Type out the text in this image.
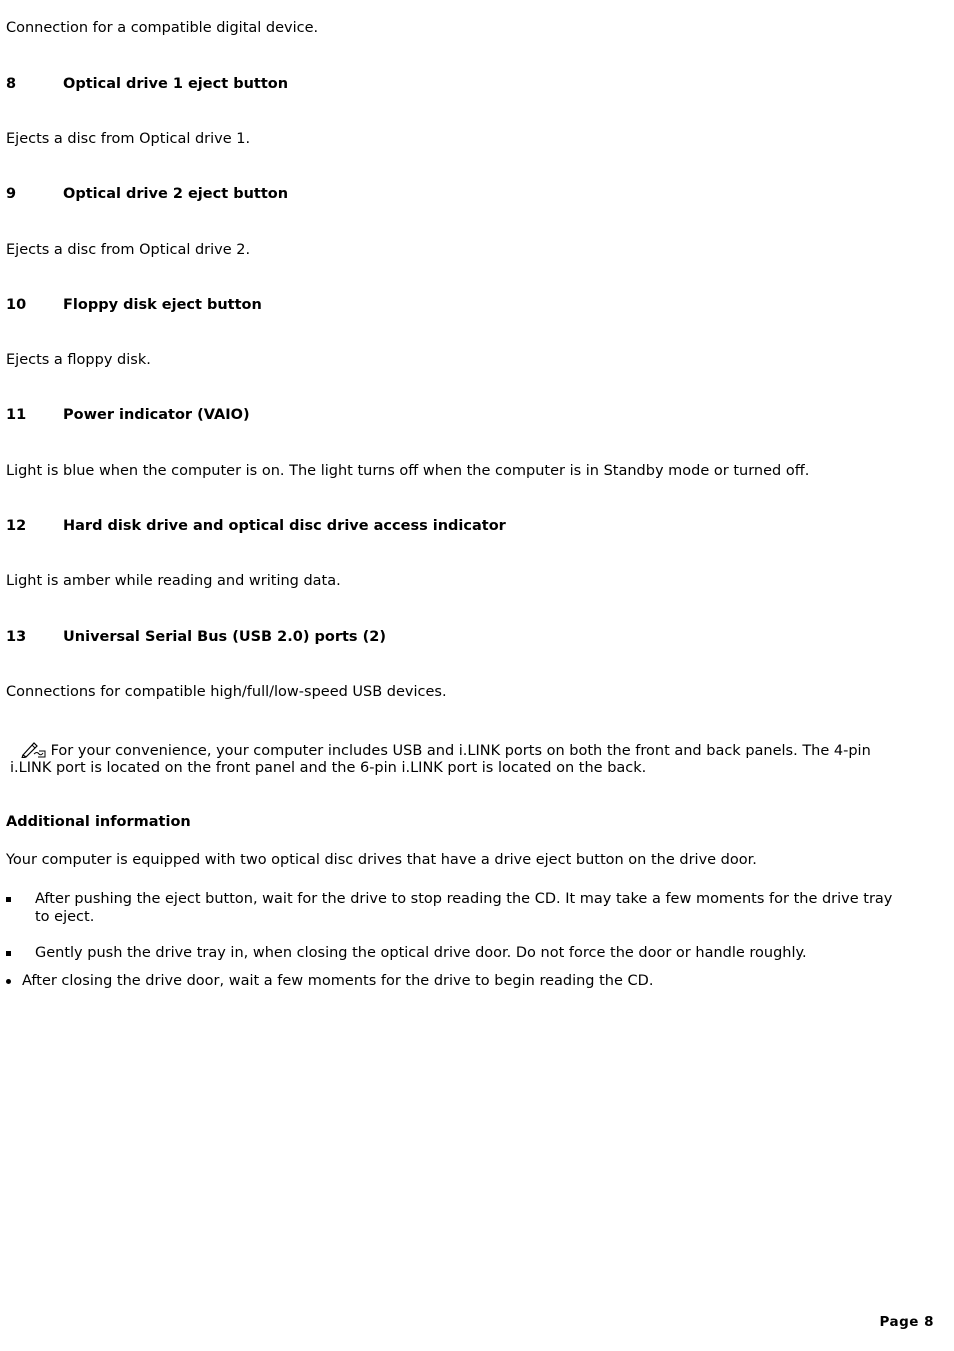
Connection for a compatible digital device.
8	Optical drive 1 eject button
Ejects a disc from Optical drive 1.
9	Optical drive 2 eject button
Ejects a disc from Optical drive 2.
10	Floppy disk eject button
Ejects a floppy disk.
11	Power indicator (VAIO)
Light is blue when the computer is on. The light turns off when the computer is in Standby mode or turned off.
12	Hard disk drive and optical disc drive access indicator
Light is amber while reading and writing data.
13	Universal Serial Bus (USB 2.0) ports (2)
Connections for compatible high/full/low-speed USB devices.
For your convenience, your computer includes USB and i.LINK ports on both the front and back panels. The 4-pin i.LINK port is located on the front panel and the 6-pin i.LINK port is located on the back.
Additional information
Your computer is equipped with two optical disc drives that have a drive eject button on the drive door.
After pushing the eject button, wait for the drive to stop reading the CD. It may take a few moments for the drive tray to eject.
Gently push the drive tray in, when closing the optical drive door. Do not force the door or handle roughly.
After closing the drive door, wait a few moments for the drive to begin reading the CD.
Page 8
